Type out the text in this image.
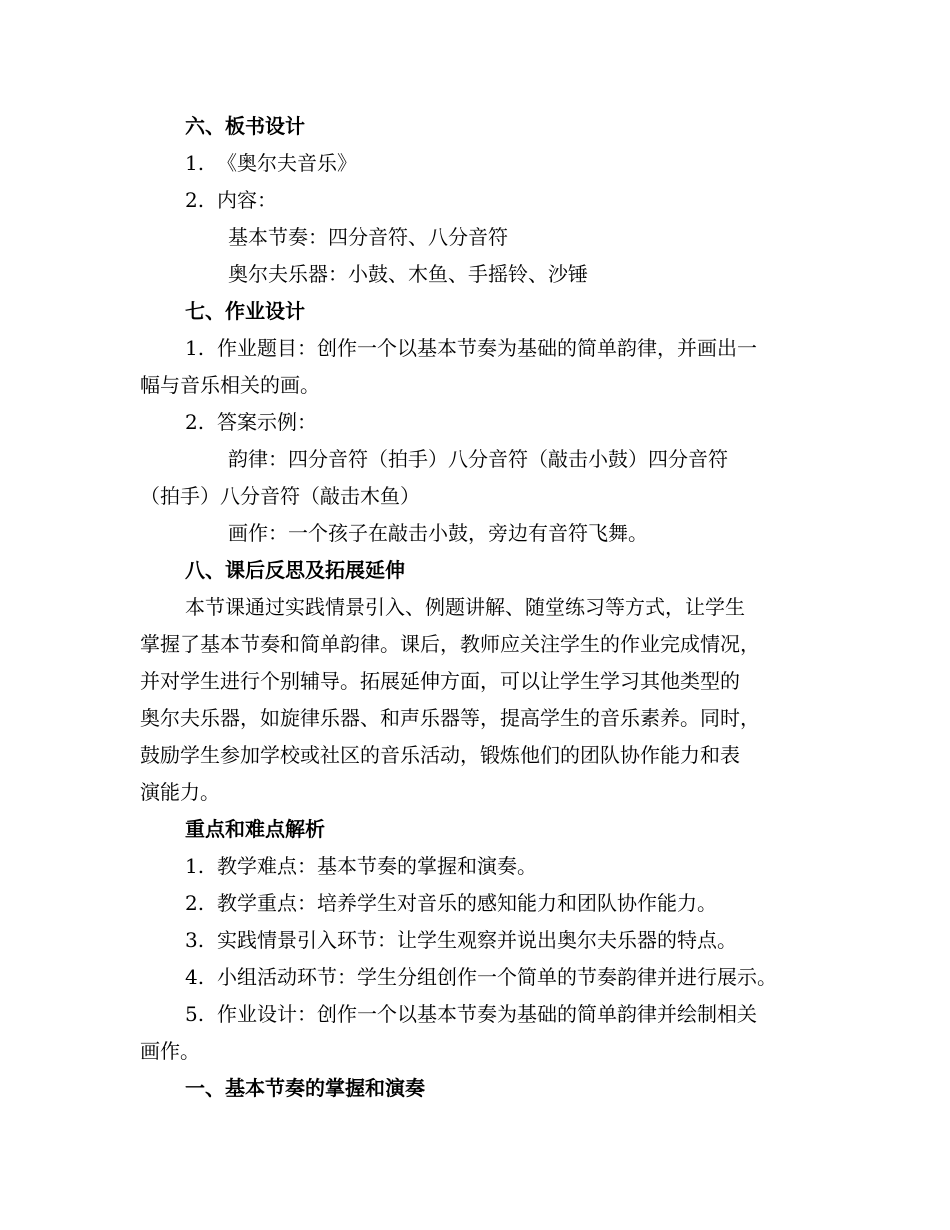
六、板书设计
1. 《奥尔夫音乐》
2. 内容：
基本节奏：四分音符、八分音符
奥尔夫乐器：小鼓、木鱼、手摇铃、沙锤
七、作业设计
1. 作业题目：创作一个以基本节奏为基础的简单韵律，并画出一
幅与音乐相关的画。
2. 答案示例：
韵律：四分音符（拍手）八分音符（敲击小鼓）四分音符
（拍手）八分音符（敲击木鱼）
画作：一个孩子在敲击小鼓，旁边有音符飞舞。
八、课后反思及拓展延伸
本节课通过实践情景引入、例题讲解、随堂练习等方式，让学生
掌握了基本节奏和简单韵律。课后，教师应关注学生的作业完成情况，
并对学生进行个别辅导。拓展延伸方面，可以让学生学习其他类型的
奥尔夫乐器，如旋律乐器、和声乐器等，提高学生的音乐素养。同时，
鼓励学生参加学校或社区的音乐活动，锻炼他们的团队协作能力和表
演能力。
重点和难点解析
1. 教学难点：基本节奏的掌握和演奏。
2. 教学重点：培养学生对音乐的感知能力和团队协作能力。
3. 实践情景引入环节：让学生观察并说出奥尔夫乐器的特点。
4. 小组活动环节：学生分组创作一个简单的节奏韵律并进行展示。
5. 作业设计：创作一个以基本节奏为基础的简单韵律并绘制相关
画作。
一、基本节奏的掌握和演奏
